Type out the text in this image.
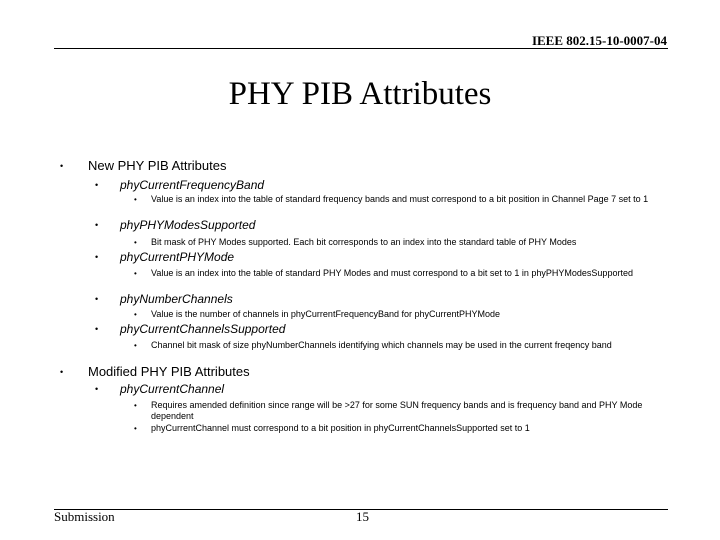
IEEE 802.15-10-0007-04
PHY PIB Attributes
• New PHY PIB Attributes
• phyCurrentFrequencyBand
• Value is an index into the table of standard frequency bands and must correspond to a bit position in Channel Page 7 set to 1
• phyPHYModesSupported
• Bit mask of PHY Modes supported. Each bit corresponds to an index into the standard table of PHY Modes
• phyCurrentPHYMode
• Value is an index into the table of standard PHY Modes and must correspond to a bit set to 1 in phyPHYModesSupported
• phyNumberChannels
• Value is the number of channels in phyCurrentFrequencyBand for phyCurrentPHYMode
• phyCurrentChannelsSupported
• Channel bit mask of size phyNumberChannels identifying which channels may be used in the current freqency band
• Modified PHY PIB Attributes
• phyCurrentChannel
• Requires amended definition since range will be >27 for some SUN frequency bands and is frequency band and PHY Mode dependent
• phyCurrentChannel must correspond to a bit position in phyCurrentChannelsSupported set to 1
Submission	15
